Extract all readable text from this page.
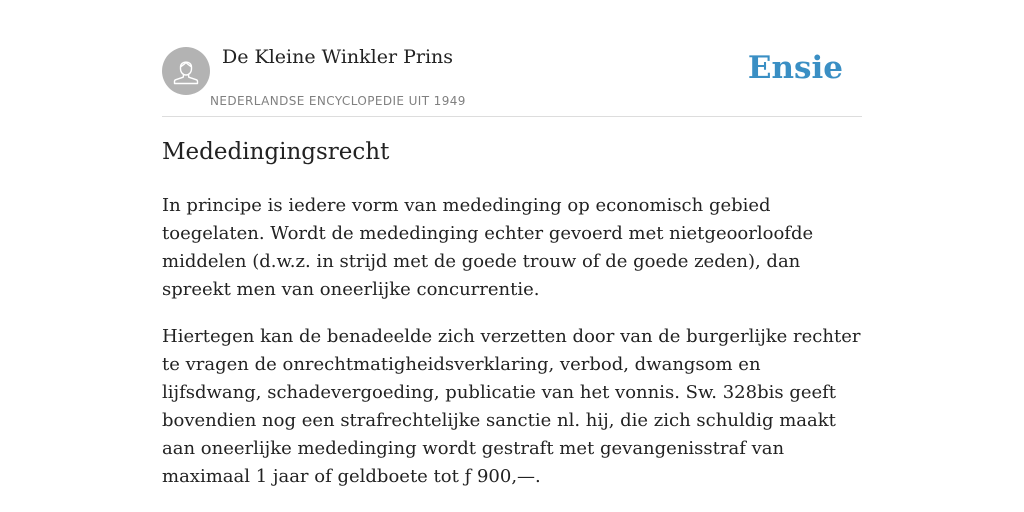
De Kleine Winkler Prins
NEDERLANDSE ENCYCLOPEDIE UIT 1949
Ensie
Mededingingsrecht

In principe is iedere vorm van mededinging op economisch gebied toegelaten. Wordt de mededinging echter gevoerd met nietgeoorloofde middelen (d.w.z. in strijd met de goede trouw of de goede zeden), dan spreekt men van oneerlijke concurrentie.

Hiertegen kan de benadeelde zich verzetten door van de burgerlijke rechter te vragen de onrechtmatigheidsverklaring, verbod, dwangsom en lijfsdwang, schadevergoeding, publicatie van het vonnis. Sw. 328bis geeft bovendien nog een strafrechtelijke sanctie nl. hij, die zich schuldig maakt aan oneerlijke mededinging wordt gestraft met gevangenisstraf van maximaal 1 jaar of geldboete tot ƒ 900,—.
